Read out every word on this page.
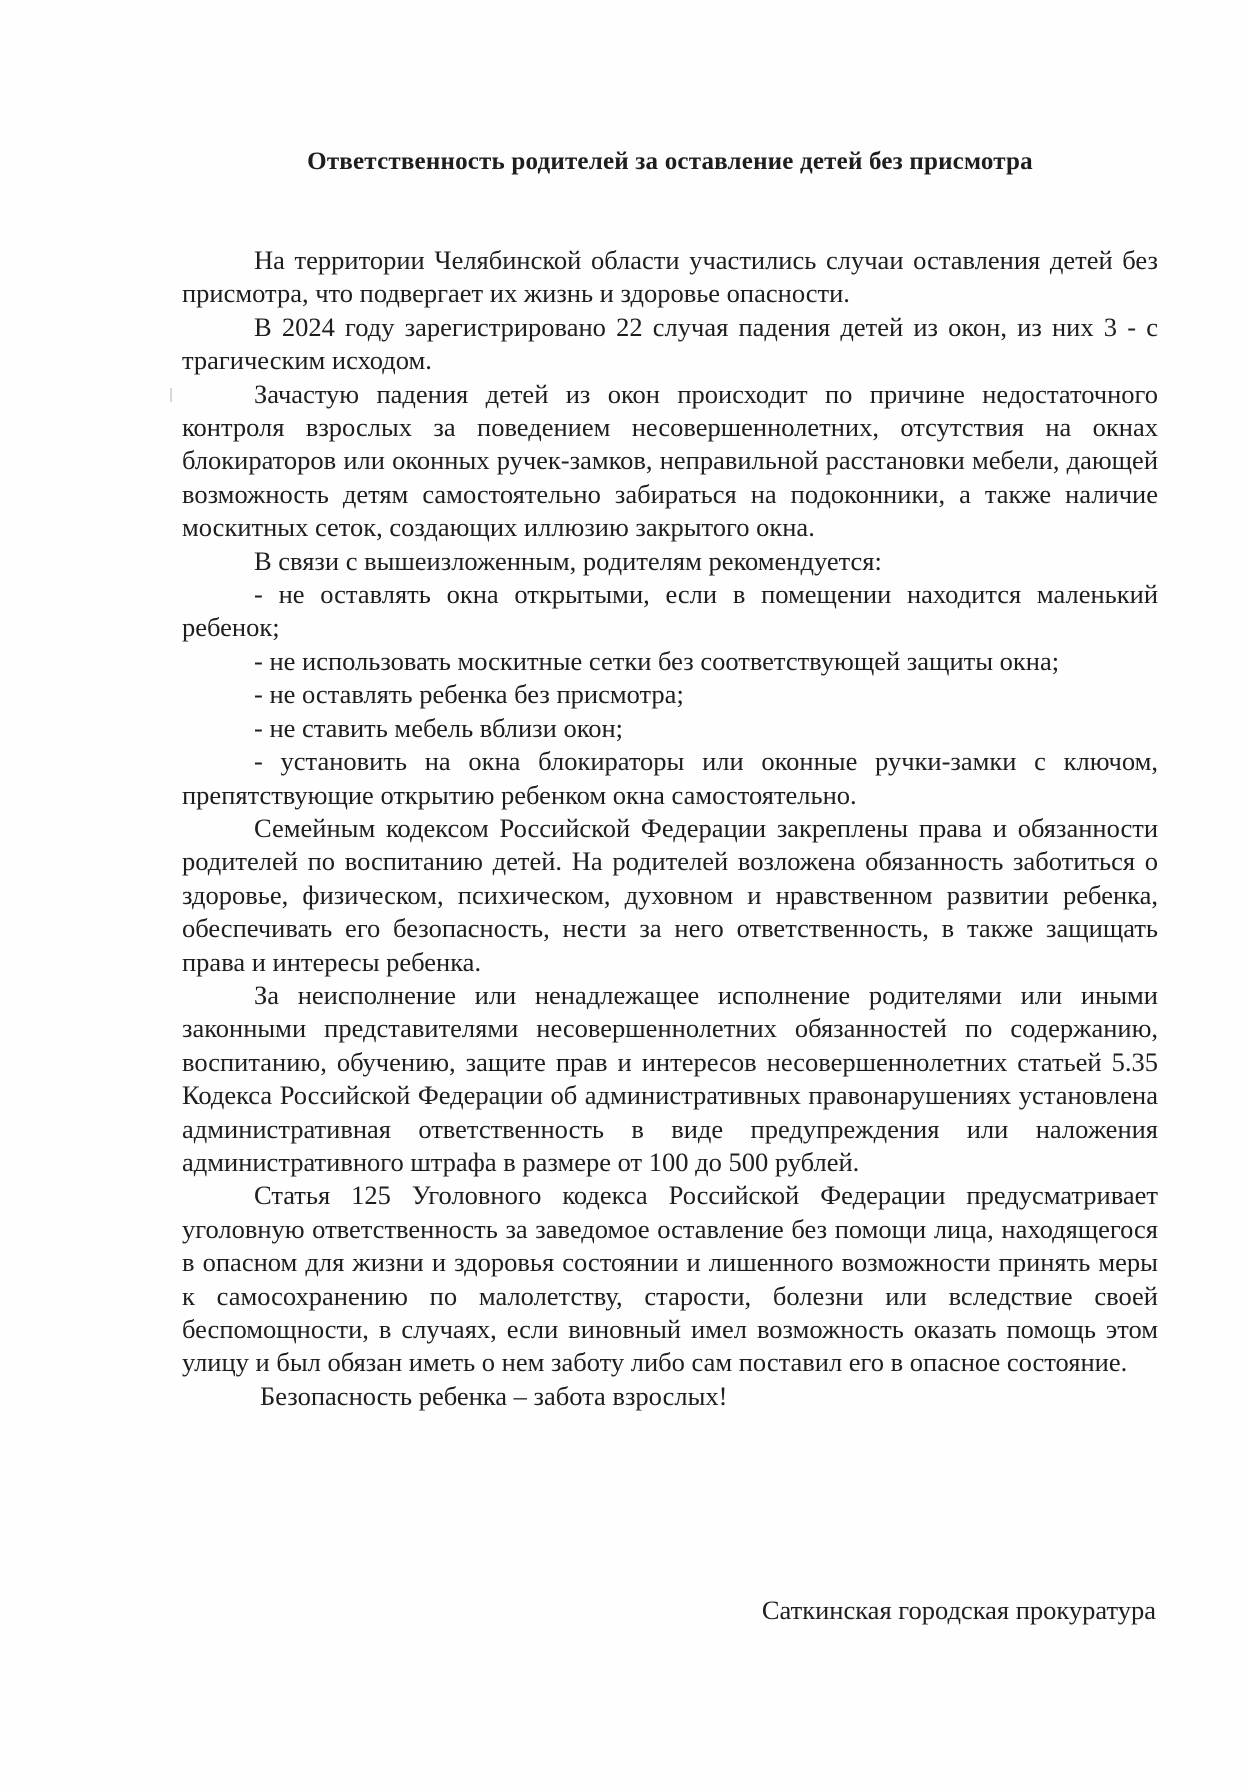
Ответственность родителей за оставление детей без присмотра

На территории Челябинской области участились случаи оставления детей без присмотра, что подвергает их жизнь и здоровье опасности.

В 2024 году зарегистрировано 22 случая падения детей из окон, из них 3 - с трагическим исходом.

Зачастую падения детей из окон происходит по причине недостаточного контроля взрослых за поведением несовершеннолетних, отсутствия на окнах блокираторов или оконных ручек-замков, неправильной расстановки мебели, дающей возможность детям самостоятельно забираться на подоконники, а также наличие москитных сеток, создающих иллюзию закрытого окна.

В связи с вышеизложенным, родителям рекомендуется:

- не оставлять окна открытыми, если в помещении находится маленький ребенок;

- не использовать москитные сетки без соответствующей защиты окна;

- не оставлять ребенка без присмотра;

- не ставить мебель вблизи окон;

- установить на окна блокираторы или оконные ручки-замки с ключом, препятствующие открытию ребенком окна самостоятельно.

Семейным кодексом Российской Федерации закреплены права и обязанности родителей по воспитанию детей. На родителей возложена обязанность заботиться о здоровье, физическом, психическом, духовном и нравственном развитии ребенка, обеспечивать его безопасность, нести за него ответственность, в также защищать права и интересы ребенка.

За неисполнение или ненадлежащее исполнение родителями или иными законными представителями несовершеннолетних обязанностей по содержанию, воспитанию, обучению, защите прав и интересов несовершеннолетних статьей 5.35 Кодекса Российской Федерации об административных правонарушениях установлена административная ответственность в виде предупреждения или наложения административного штрафа в размере от 100 до 500 рублей.

Статья 125 Уголовного кодекса Российской Федерации предусматривает уголовную ответственность за заведомое оставление без помощи лица, находящегося в опасном для жизни и здоровья состоянии и лишенного возможности принять меры к самосохранению по малолетству, старости, болезни или вследствие своей беспомощности, в случаях, если виновный имел возможность оказать помощь этом улицу и был обязан иметь о нем заботу либо сам поставил его в опасное состояние.

Безопасность ребенка – забота взрослых!

Саткинская городская прокуратура
